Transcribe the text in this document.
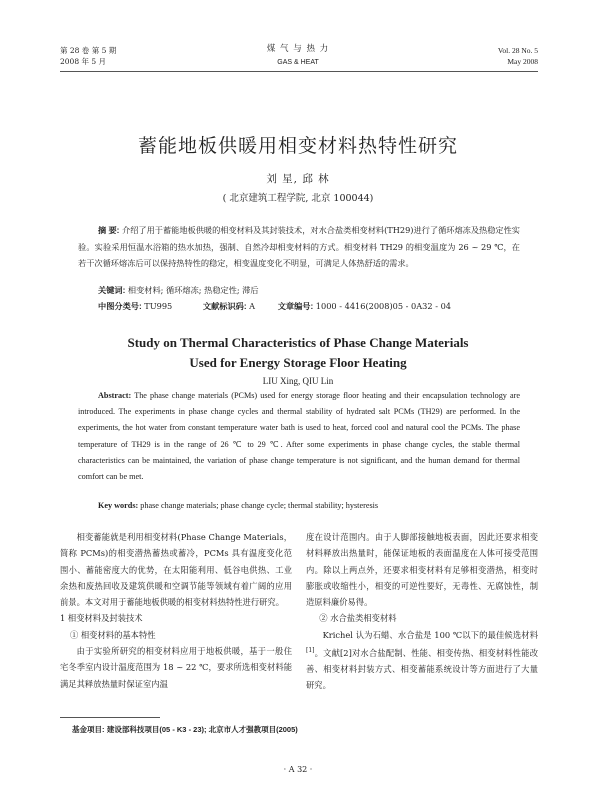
第 28 卷 第 5 期
2008 年 5 月
煤 气 与 热 力
GAS & HEAT
Vol. 28 No. 5
May 2008
蓄能地板供暖用相变材料热特性研究
刘 星, 邱 林
( 北京建筑工程学院, 北京 100044)
摘 要: 介绍了用于蓄能地板供暖的相变材料及其封装技术，对水合盐类相变材料(TH29)进行了循环熔冻及热稳定性实验。实验采用恒温水浴箱的热水加热，强制、自然冷却相变材料的方式。相变材料 TH29 的相变温度为 26 ~ 29 ℃，在若干次循环熔冻后可以保持热特性的稳定，相变温度变化不明显，可满足人体热舒适的需求。
关键词: 相变材料; 循环熔冻; 热稳定性; 滞后
中图分类号: TU995	文献标识码: A	文章编号: 1000 - 4416(2008)05 - 0A32 - 04
Study on Thermal Characteristics of Phase Change Materials
Used for Energy Storage Floor Heating
LIU Xing, QIU Lin
Abstract: The phase change materials (PCMs) used for energy storage floor heating and their encapsulation technology are introduced. The experiments in phase change cycles and thermal stability of hydrated salt PCMs (TH29) are performed. In the experiments, the hot water from constant temperature water bath is used to heat, forced cool and natural cool the PCMs. The phase temperature of TH29 is in the range of 26 ℃ to 29 ℃. After some experiments in phase change cycles, the stable thermal characteristics can be maintained, the variation of phase change temperature is not significant, and the human demand for thermal comfort can be met.
Key words: phase change materials; phase change cycle; thermal stability; hysteresis

相变蓄能就是利用相变材料(Phase Change Materials，简称 PCMs)的相变潜热蓄热或蓄冷，PCMs 具有温度变化范围小、蓄能密度大的优势，在太阳能利用、低谷电供热、工业余热和废热回收及建筑供暖和空调节能等领域有着广阔的应用前景。本文对用于蓄能地板供暖的相变材料热特性进行研究。

1 相变材料及封装技术

① 相变材料的基本特性

由于实验所研究的相变材料应用于地板供暖，基于一般住宅冬季室内设计温度范围为 18 ~ 22 ℃，要求所选相变材料能满足其释放热量时保证室内温

度在设计范围内。由于人脚部接触地板表面，因此还要求相变材料释放出热量时，能保证地板的表面温度在人体可接受范围内。除以上两点外，还要求相变材料有足够相变潜热，相变时膨胀或收缩性小，相变的可逆性要好，无毒性、无腐蚀性，制造原料廉价易得。

② 水合盐类相变材料

Krichel 认为石蜡、水合盐是 100 ℃以下的最佳候选材料[1]。文献[2]对水合盐配制、性能、相变传热、相变材料性能改善、相变材料封装方式、相变蓄能系统设计等方面进行了大量研究。

基金项目: 建设部科技项目(05 - K3 - 23); 北京市人才强教项目(2005)
· A 32 ·
